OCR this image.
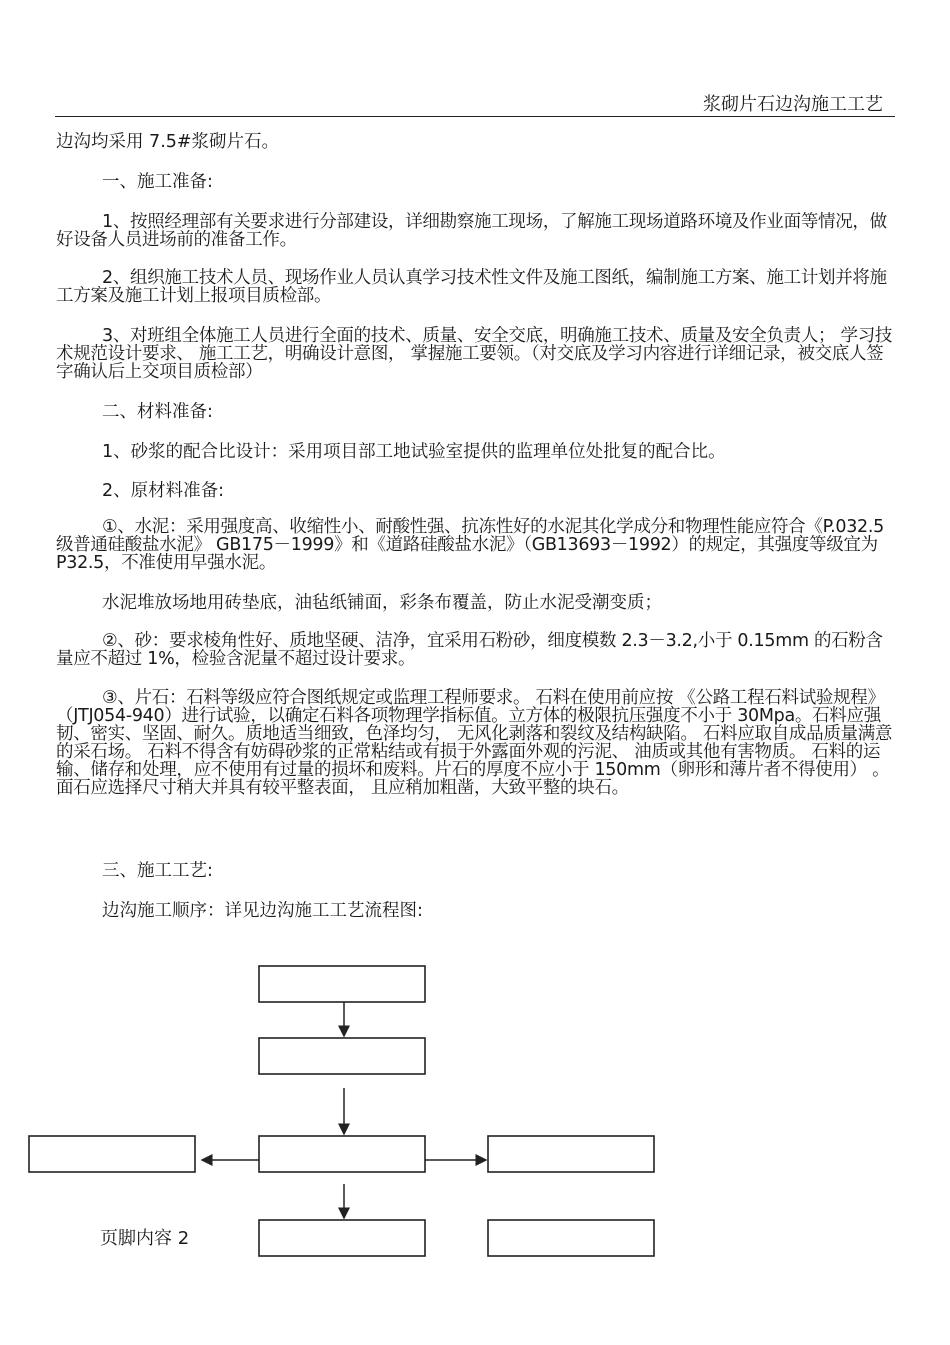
浆砌片石边沟施工工艺

边沟均采用 7.5#浆砌片石。

一、施工准备:

1、按照经理部有关要求进行分部建设，详细勘察施工现场，了解施工现场道路环境及作业面等情况，做好设备人员进场前的准备工作。

2、组织施工技术人员、现场作业人员认真学习技术性文件及施工图纸，编制施工方案、施工计划并将施工方案及施工计划上报项目质检部。

3、对班组全体施工人员进行全面的技术、质量、安全交底，明确施工技术、质量及安全负责人； 学习技术规范设计要求、 施工工艺，明确设计意图， 掌握施工要领。（对交底及学习内容进行详细记录，被交底人签字确认后上交项目质检部）

二、材料准备:

1、砂浆的配合比设计：采用项目部工地试验室提供的监理单位处批复的配合比。

2、原材料准备:

①、水泥：采用强度高、收缩性小、耐酸性强、抗冻性好的水泥其化学成分和物理性能应符合《P.032.5级普通硅酸盐水泥》 GB175－1999》和《道路硅酸盐水泥》（GB13693－1992）的规定，其强度等级宜为 P32.5，不准使用早强水泥。

水泥堆放场地用砖垫底，油毡纸铺面，彩条布覆盖，防止水泥受潮变质；

②、砂：要求棱角性好、质地坚硬、洁净，宜采用石粉砂，细度模数 2.3－3.2,小于 0.15mm 的石粉含量应不超过 1%，检验含泥量不超过设计要求。

③、片石：石料等级应符合图纸规定或监理工程师要求。 石料在使用前应按 《公路工程石料试验规程》 （JTJ054-940）进行试验，以确定石料各项物理学指标值。立方体的极限抗压强度不小于 30Mpa。石料应强韧、密实、坚固、耐久。质地适当细致，色泽均匀， 无风化剥落和裂纹及结构缺陷。 石料应取自成品质量满意的采石场。 石料不得含有妨碍砂浆的正常粘结或有损于外露面外观的污泥、 油质或其他有害物质。 石料的运输、储存和处理，应不使用有过量的损坏和废料。片石的厚度不应小于 150mm（卵形和薄片者不得使用） 。面石应选择尺寸稍大并具有较平整表面， 且应稍加粗凿，大致平整的块石。

三、施工工艺:

边沟施工顺序：详见边沟施工工艺流程图:

页脚内容 2
